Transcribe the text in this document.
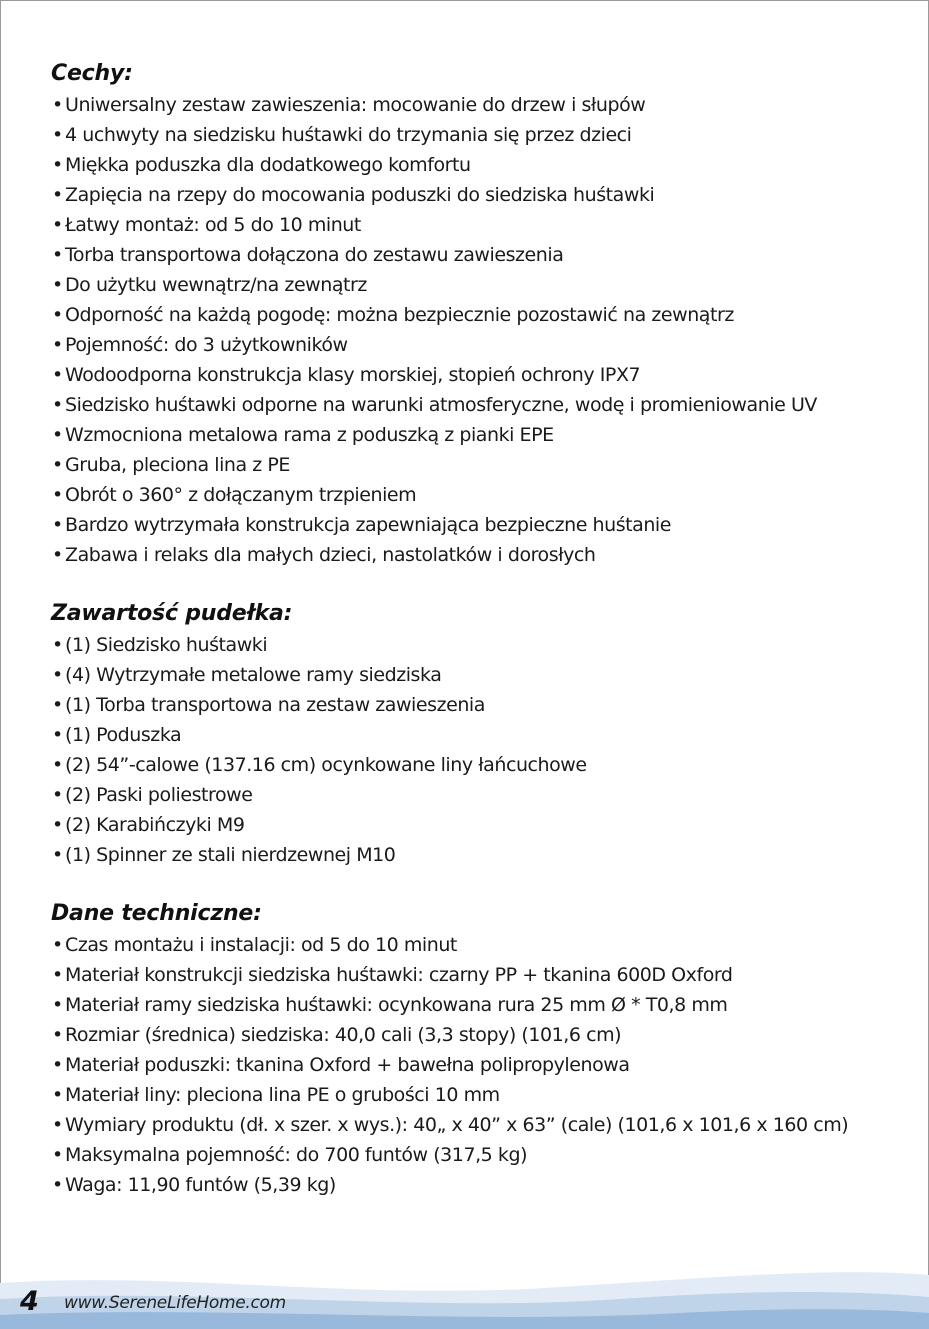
Cechy:
• Uniwersalny zestaw zawieszenia: mocowanie do drzew i słupów
• 4 uchwyty na siedzisku huśtawki do trzymania się przez dzieci
• Miękka poduszka dla dodatkowego komfortu
• Zapięcia na rzepy do mocowania poduszki do siedziska huśtawki
• Łatwy montaż: od 5 do 10 minut
• Torba transportowa dołączona do zestawu zawieszenia
• Do użytku wewnątrz/na zewnątrz
• Odporność na każdą pogodę: można bezpiecznie pozostawić na zewnątrz
• Pojemność: do 3 użytkowników
• Wodoodporna konstrukcja klasy morskiej, stopień ochrony IPX7
• Siedzisko huśtawki odporne na warunki atmosferyczne, wodę i promieniowanie UV
• Wzmocniona metalowa rama z poduszką z pianki EPE
• Gruba, pleciona lina z PE
• Obrót o 360° z dołączanym trzpieniem
• Bardzo wytrzymała konstrukcja zapewniająca bezpieczne huśtanie
• Zabawa i relaks dla małych dzieci, nastolatków i dorosłych
Zawartość pudełka:
• (1) Siedzisko huśtawki
• (4) Wytrzymałe metalowe ramy siedziska
• (1) Torba transportowa na zestaw zawieszenia
• (1) Poduszka
• (2) 54”-calowe (137.16 cm) ocynkowane liny łańcuchowe
• (2) Paski poliestrowe
• (2) Karabińczyki M9
• (1) Spinner ze stali nierdzewnej M10
Dane techniczne:
• Czas montażu i instalacji: od 5 do 10 minut
• Materiał konstrukcji siedziska huśtawki: czarny PP + tkanina 600D Oxford
• Materiał ramy siedziska huśtawki: ocynkowana rura 25 mm Ø * T0,8 mm
• Rozmiar (średnica) siedziska: 40,0 cali (3,3 stopy) (101,6 cm)
• Materiał poduszki: tkanina Oxford + bawełna polipropylenowa
• Materiał liny: pleciona lina PE o grubości 10 mm
• Wymiary produktu (dł. x szer. x wys.): 40„ x 40” x 63” (cale) (101,6 x 101,6 x 160 cm)
• Maksymalna pojemność: do 700 funtów (317,5 kg)
• Waga: 11,90 funtów (5,39 kg)
4 www.SereneLifeHome.com
